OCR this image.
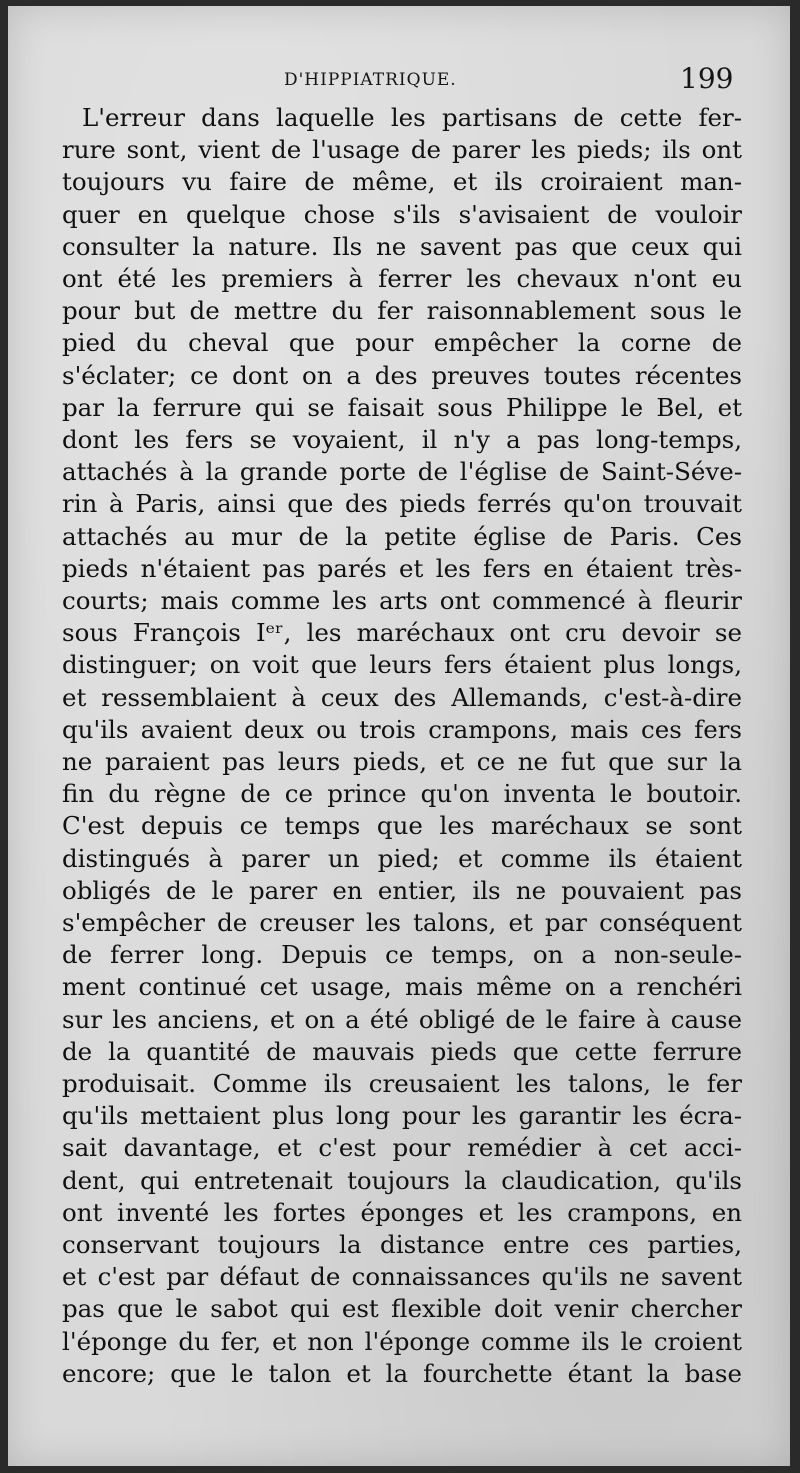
D'HIPPIATRIQUE.	199
L'erreur dans laquelle les partisans de cette fer-
rure sont, vient de l'usage de parer les pieds; ils ont
toujours vu faire de même, et ils croiraient man-
quer en quelque chose s'ils s'avisaient de vouloir
consulter la nature. Ils ne savent pas que ceux qui
ont été les premiers à ferrer les chevaux n'ont eu
pour but de mettre du fer raisonnablement sous le
pied du cheval que pour empêcher la corne de
s'éclater; ce dont on a des preuves toutes récentes
par la ferrure qui se faisait sous Philippe le Bel, et
dont les fers se voyaient, il n'y a pas long-temps,
attachés à la grande porte de l'église de Saint-Séve-
rin à Paris, ainsi que des pieds ferrés qu'on trouvait
attachés au mur de la petite église de Paris. Ces
pieds n'étaient pas parés et les fers en étaient très-
courts; mais comme les arts ont commencé à fleurir
sous François Iᵉʳ, les maréchaux ont cru devoir se
distinguer; on voit que leurs fers étaient plus longs,
et ressemblaient à ceux des Allemands, c'est-à-dire
qu'ils avaient deux ou trois crampons, mais ces fers
ne paraient pas leurs pieds, et ce ne fut que sur la
fin du règne de ce prince qu'on inventa le boutoir.
C'est depuis ce temps que les maréchaux se sont
distingués à parer un pied; et comme ils étaient
obligés de le parer en entier, ils ne pouvaient pas
s'empêcher de creuser les talons, et par conséquent
de ferrer long. Depuis ce temps, on a non-seule-
ment continué cet usage, mais même on a renchéri
sur les anciens, et on a été obligé de le faire à cause
de la quantité de mauvais pieds que cette ferrure
produisait. Comme ils creusaient les talons, le fer
qu'ils mettaient plus long pour les garantir les écra-
sait davantage, et c'est pour remédier à cet acci-
dent, qui entretenait toujours la claudication, qu'ils
ont inventé les fortes éponges et les crampons, en
conservant toujours la distance entre ces parties,
et c'est par défaut de connaissances qu'ils ne savent
pas que le sabot qui est flexible doit venir chercher
l'éponge du fer, et non l'éponge comme ils le croient
encore; que le talon et la fourchette étant la base
